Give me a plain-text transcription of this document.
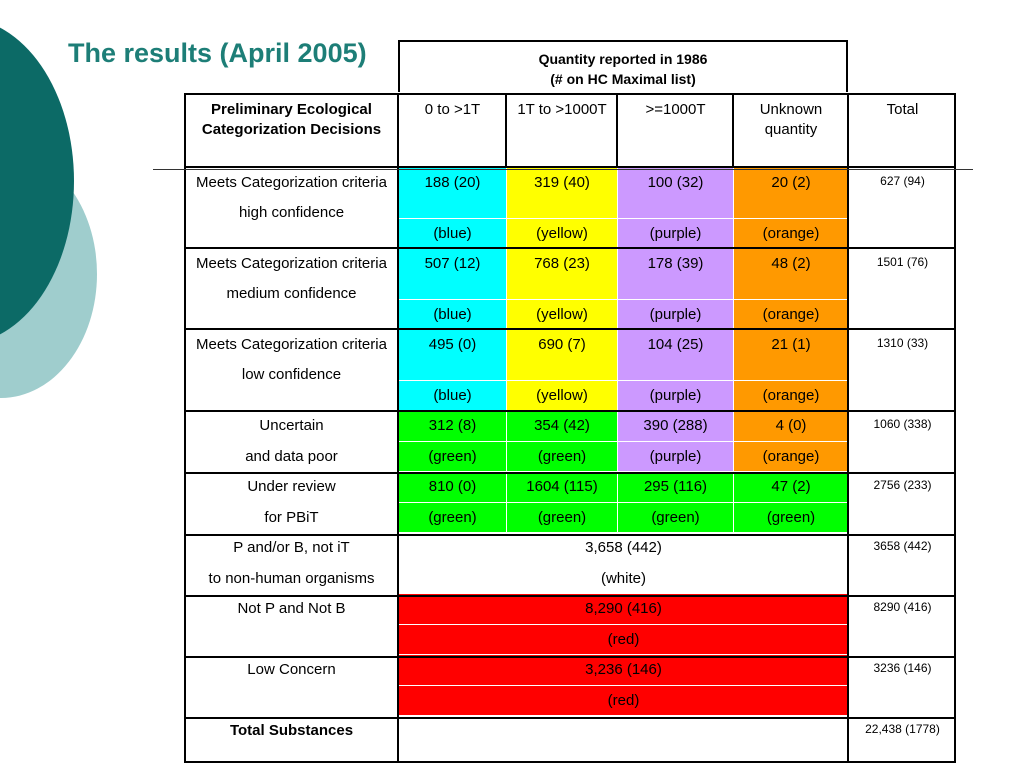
The results (April 2005)	Quantity reported in 1986
(# on HC Maximal list)
Preliminary Ecological Categorization Decisions	0 to >1T	1T to >1000T	>=1000T	Unknown quantity	Total

Meets Categorization criteria
high confidence	188 (20)	319 (40)	100 (32)	20 (2)	627 (94)
	(blue)	(yellow)	(purple)	(orange)	

Meets Categorization criteria
medium confidence	507 (12)	768 (23)	178 (39)	48 (2)	1501 (76)
	(blue)	(yellow)	(purple)	(orange)	

Meets Categorization criteria
low confidence	495 (0)	690 (7)	104 (25)	21 (1)	1310 (33)
	(blue)	(yellow)	(purple)	(orange)	
Uncertain	312 (8)	354 (42)	390 (288)	4 (0)	1060 (338)
and data poor	(green)	(green)	(purple)	(orange)	
Under review	810 (0)	1604 (115)	295 (116)	47 (2)	2756 (233)
for PBiT	(green)	(green)	(green)	(green)	
P and/or B, not iT	3,658 (442)				3658 (442)
to non-human organisms	(white)				
Not P and Not B	8,290 (416)				8290 (416)
	(red)				
Low Concern	3,236 (146)				3236 (146)
	(red)				
Total Substances					22,438 (1778)
